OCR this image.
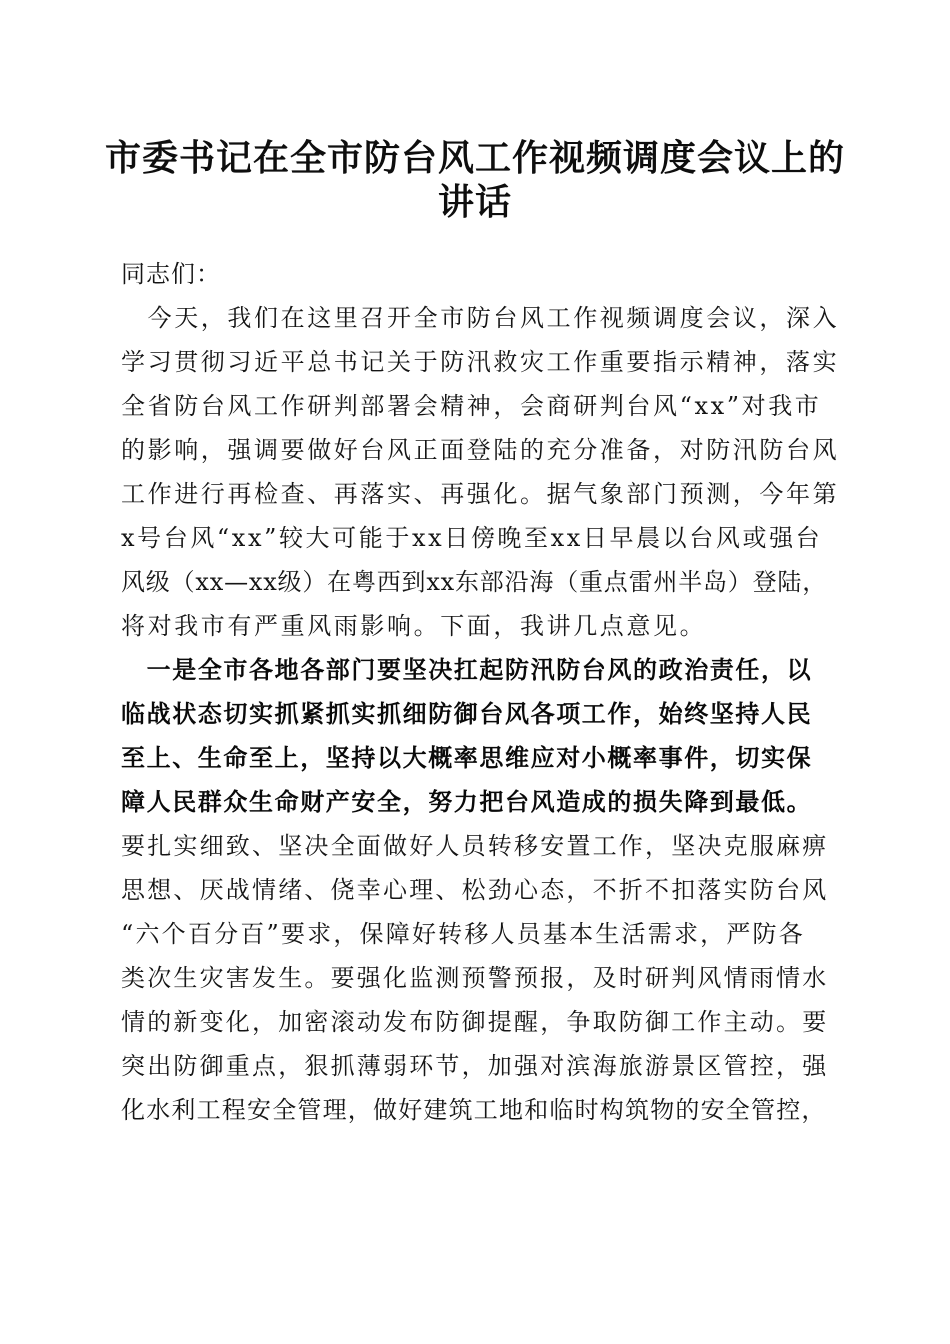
市委书记在全市防台风工作视频调度会议上的
讲话
同志们：
　今天，我们在这里召开全市防台风工作视频调度会议，深入
学习贯彻习近平总书记关于防汛救灾工作重要指示精神，落实
全省防台风工作研判部署会精神，会商研判台风“xx”对我市
的影响，强调要做好台风正面登陆的充分准备，对防汛防台风
工作进行再检查、再落实、再强化。据气象部门预测，今年第
x号台风“xx”较大可能于xx日傍晚至xx日早晨以台风或强台
风级（xx—xx级）在粤西到xx东部沿海（重点雷州半岛）登陆，
将对我市有严重风雨影响。下面，我讲几点意见。
　一是全市各地各部门要坚决扛起防汛防台风的政治责任，以
临战状态切实抓紧抓实抓细防御台风各项工作，始终坚持人民
至上、生命至上，坚持以大概率思维应对小概率事件，切实保
障人民群众生命财产安全，努力把台风造成的损失降到最低。
要扎实细致、坚决全面做好人员转移安置工作，坚决克服麻痹
思想、厌战情绪、侥幸心理、松劲心态，不折不扣落实防台风
“六个百分百”要求，保障好转移人员基本生活需求，严防各
类次生灾害发生。要强化监测预警预报，及时研判风情雨情水
情的新变化，加密滚动发布防御提醒，争取防御工作主动。要
突出防御重点，狠抓薄弱环节，加强对滨海旅游景区管控，强
化水利工程安全管理，做好建筑工地和临时构筑物的安全管控，
